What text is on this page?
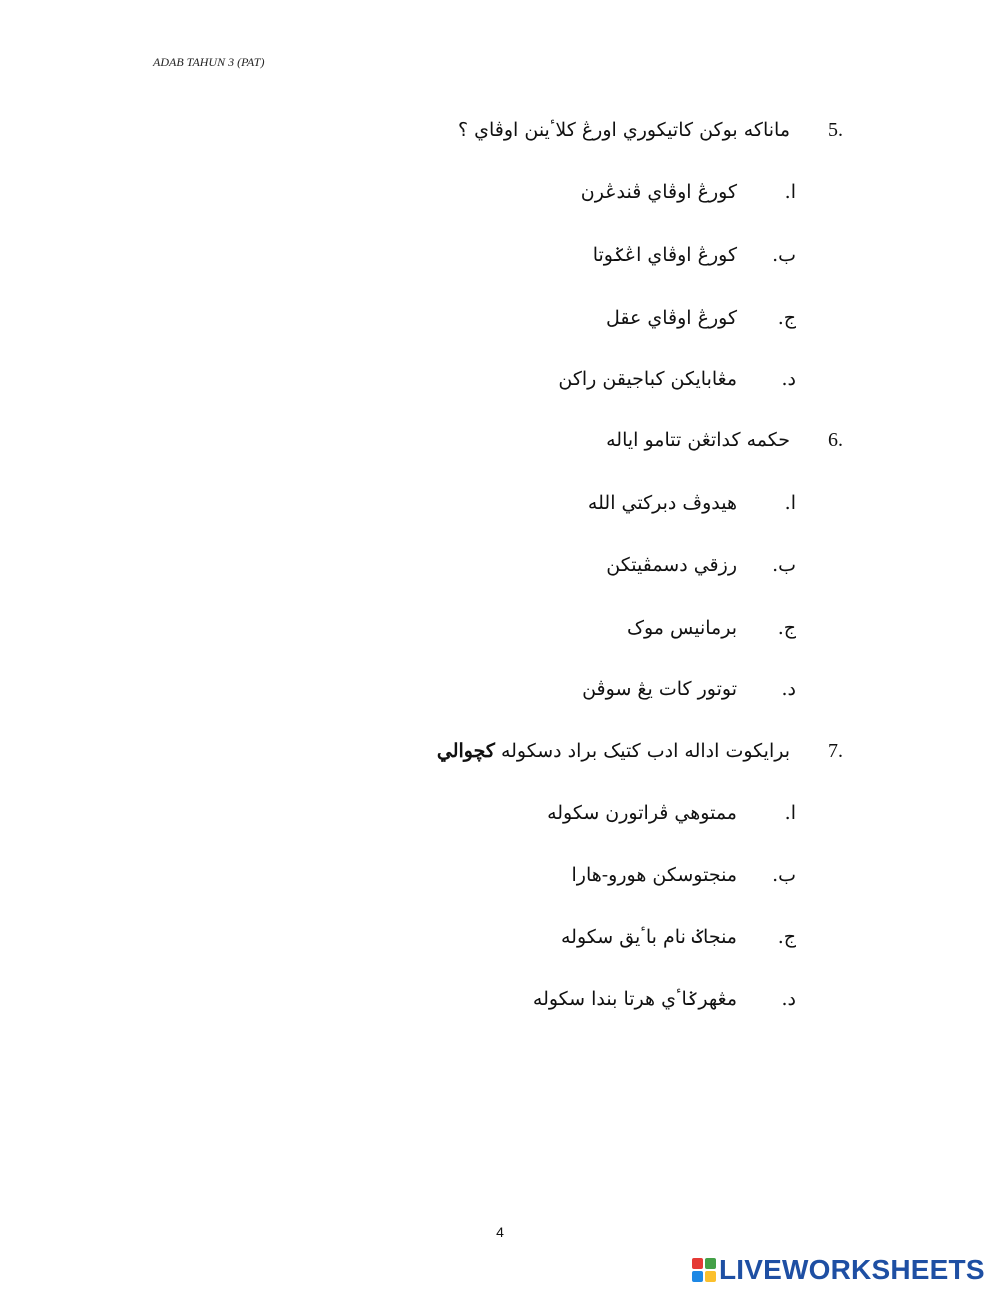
ADAB TAHUN 3 (PAT)
5.
ماناکه بوکن کاتیکوري اورڠ کلاٴینن اوڤاي ؟
ا.
کورڠ اوڤاي ڤندڠرن
ب.
کورڠ اوڤاي اڠݢوتا
ج.
کورڠ اوڤاي عقل
د.
مڠابايکن کباجيقن راکن
6.
حکمه کداتڠن تتامو اياله
ا.
هيدوڤ دبرکتي الله
ب.
رزقي دسمڤيتکن
ج.
برمانيس موک
د.
توتور کات يڠ سوڤن
7.
برايکوت اداله ادب کتيک براد دسکوله کچوالي
ا.
ممتوهي ڤراتورن سکوله
ب.
منجتوسکن هورو-هارا
ج.
منجاݢ نام باٴيق سکوله
د.
مڠهرݢاٴي هرتا بندا سکوله
4
LIVEWORKSHEETS
